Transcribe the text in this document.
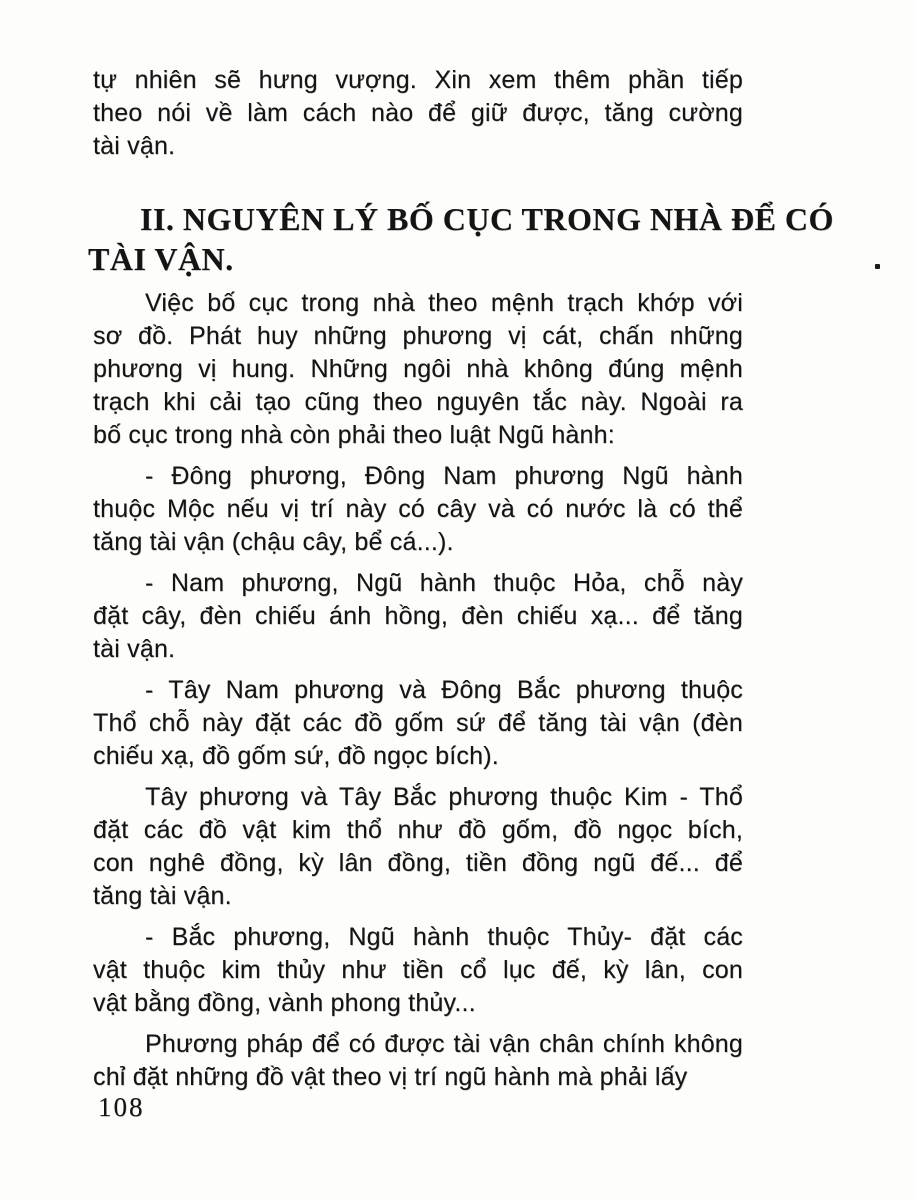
tự nhiên sẽ hưng vượng. Xin xem thêm phần tiếp
theo nói về làm cách nào để giữ được, tăng cường
tài vận.
II. NGUYÊN LÝ BỐ CỤC TRONG NHÀ ĐỂ CÓ
TÀI VẬN.
Việc bố cục trong nhà theo mệnh trạch khớp với
sơ đồ. Phát huy những phương vị cát, chấn những
phương vị hung. Những ngôi nhà không đúng mệnh
trạch khi cải tạo cũng theo nguyên tắc này. Ngoài ra
bố cục trong nhà còn phải theo luật Ngũ hành:
- Đông phương, Đông Nam phương Ngũ hành
thuộc Mộc nếu vị trí này có cây và có nước là có thể
tăng tài vận (chậu cây, bể cá...).
- Nam phương, Ngũ hành thuộc Hỏa, chỗ này
đặt cây, đèn chiếu ánh hồng, đèn chiếu xạ... để tăng
tài vận.
- Tây Nam phương và Đông Bắc phương thuộc
Thổ chỗ này đặt các đồ gốm sứ để tăng tài vận (đèn
chiếu xạ, đồ gốm sứ, đồ ngọc bích).
Tây phương và Tây Bắc phương thuộc Kim - Thổ
đặt các đồ vật kim thổ như đồ gốm, đồ ngọc bích,
con nghê đồng, kỳ lân đồng, tiền đồng ngũ đế... để
tăng tài vận.
- Bắc phương, Ngũ hành thuộc Thủy- đặt các
vật thuộc kim thủy như tiền cổ lục đế, kỳ lân, con
vật bằng đồng, vành phong thủy...
Phương pháp để có được tài vận chân chính không
chỉ đặt những đồ vật theo vị trí ngũ hành mà phải lấy
108
